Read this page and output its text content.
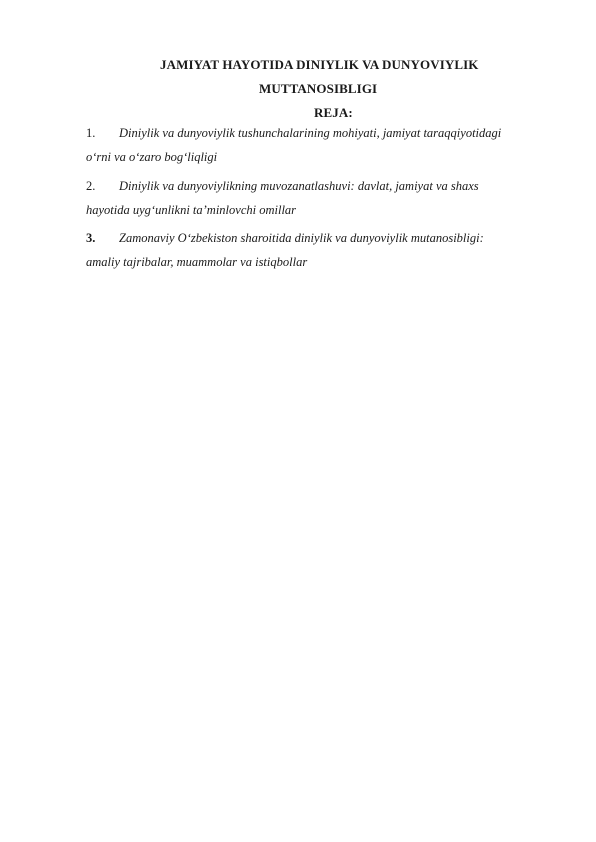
JAMIYAT HAYOTIDA DINIYLIK VA DUNYOVIYLIK
MUTTANOSIBLIGI
REJA:
1. Diniylik va dunyoviylik tushunchalarining mohiyati, jamiyat taraqqiyotidagi
o‘rni va o‘zaro bog‘liqligi
2. Diniylik va dunyoviylikning muvozanatlashuvi: davlat, jamiyat va shaxs
hayotida uyg‘unlikni ta’minlovchi omillar
3. Zamonaviy O‘zbekiston sharoitida diniylik va dunyoviylik mutanosibligi:
amaliy tajribalar, muammolar va istiqbollar
